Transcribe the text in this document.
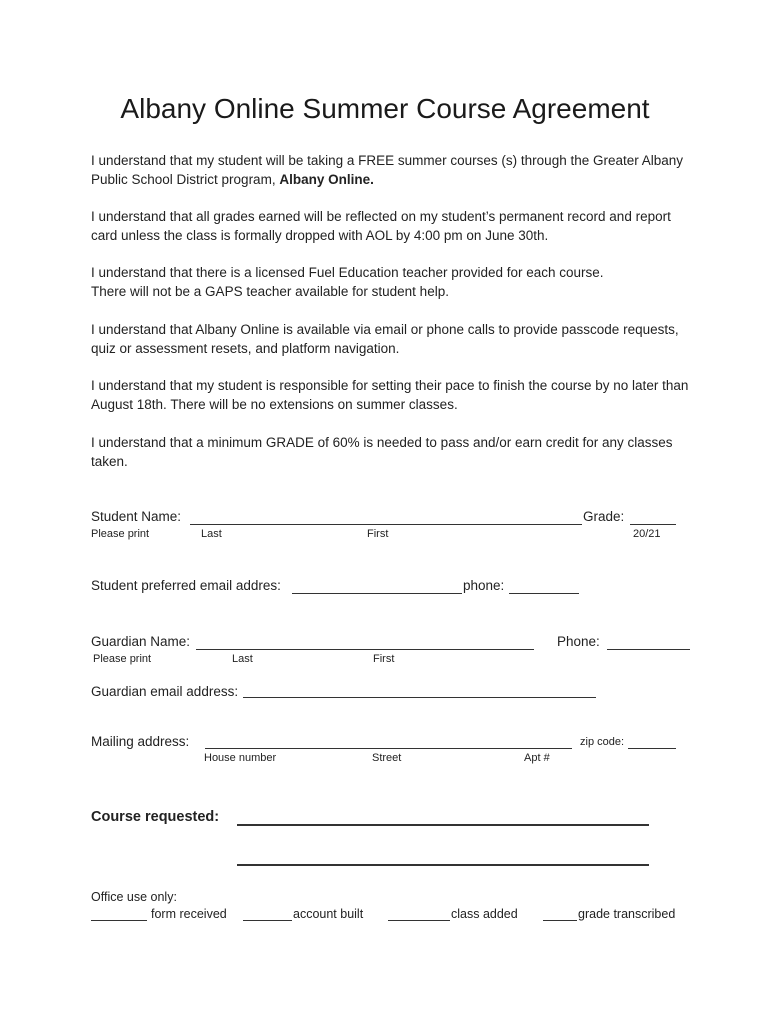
Albany Online Summer Course Agreement
I understand that my student will be taking a FREE summer courses (s) through the Greater Albany Public School District program, Albany Online.
I understand that all grades earned will be reflected on my student’s permanent record and report card unless the class is formally dropped with AOL by 4:00 pm on June 30th.
I understand that there is a licensed Fuel Education teacher provided for each course. There will not be a GAPS teacher available for student help.
I understand that Albany Online is available via email or phone calls to provide passcode requests, quiz or assessment resets, and platform navigation.
I understand that my student is responsible for setting their pace to finish the course by no later than August 18th. There will be no extensions on summer classes.
I understand that a minimum GRADE of 60% is needed to pass and/or earn credit for any classes taken.
Student Name:	Grade:
Please print	Last	First	20/21
Student preferred email addres:	phone:
Guardian Name:	Phone:
Please print	Last	First
Guardian email address:
Mailing address:	zip code:
House number	Street	Apt #
Course requested:
Office use only:
form received	account built	class added	grade transcribed
